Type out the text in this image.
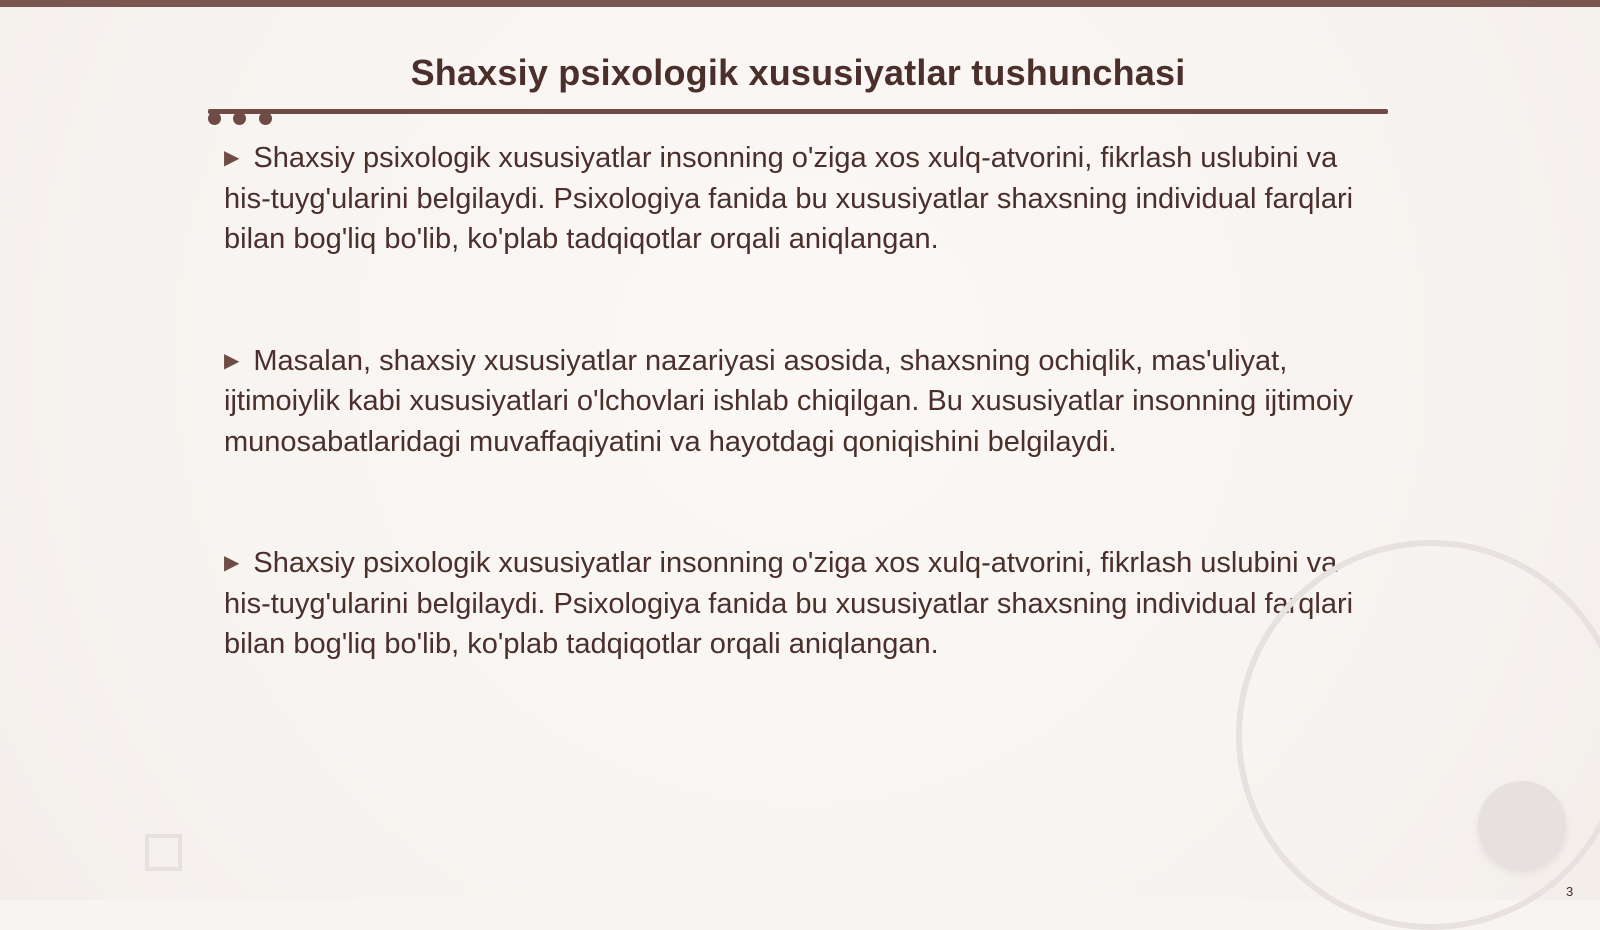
Shaxsiy psixologik xususiyatlar tushunchasi

▶ Shaxsiy psixologik xususiyatlar insonning o'ziga xos xulq-atvorini, fikrlash uslubini va his-tuyg'ularini belgilaydi. Psixologiya fanida bu xususiyatlar shaxsning individual farqlari bilan bog'liq bo'lib, ko'plab tadqiqotlar orqali aniqlangan.

▶ Masalan, shaxsiy xususiyatlar nazariyasi asosida, shaxsning ochiqlik, mas'uliyat, ijtimoiylik kabi xususiyatlari o'lchovlari ishlab chiqilgan. Bu xususiyatlar insonning ijtimoiy munosabatlaridagi muvaffaqiyatini va hayotdagi qoniqishini belgilaydi.

▶ Shaxsiy psixologik xususiyatlar insonning o'ziga xos xulq-atvorini, fikrlash uslubini va his-tuyg'ularini belgilaydi. Psixologiya fanida bu xususiyatlar shaxsning individual farqlari bilan bog'liq bo'lib, ko'plab tadqiqotlar orqali aniqlangan.

3
